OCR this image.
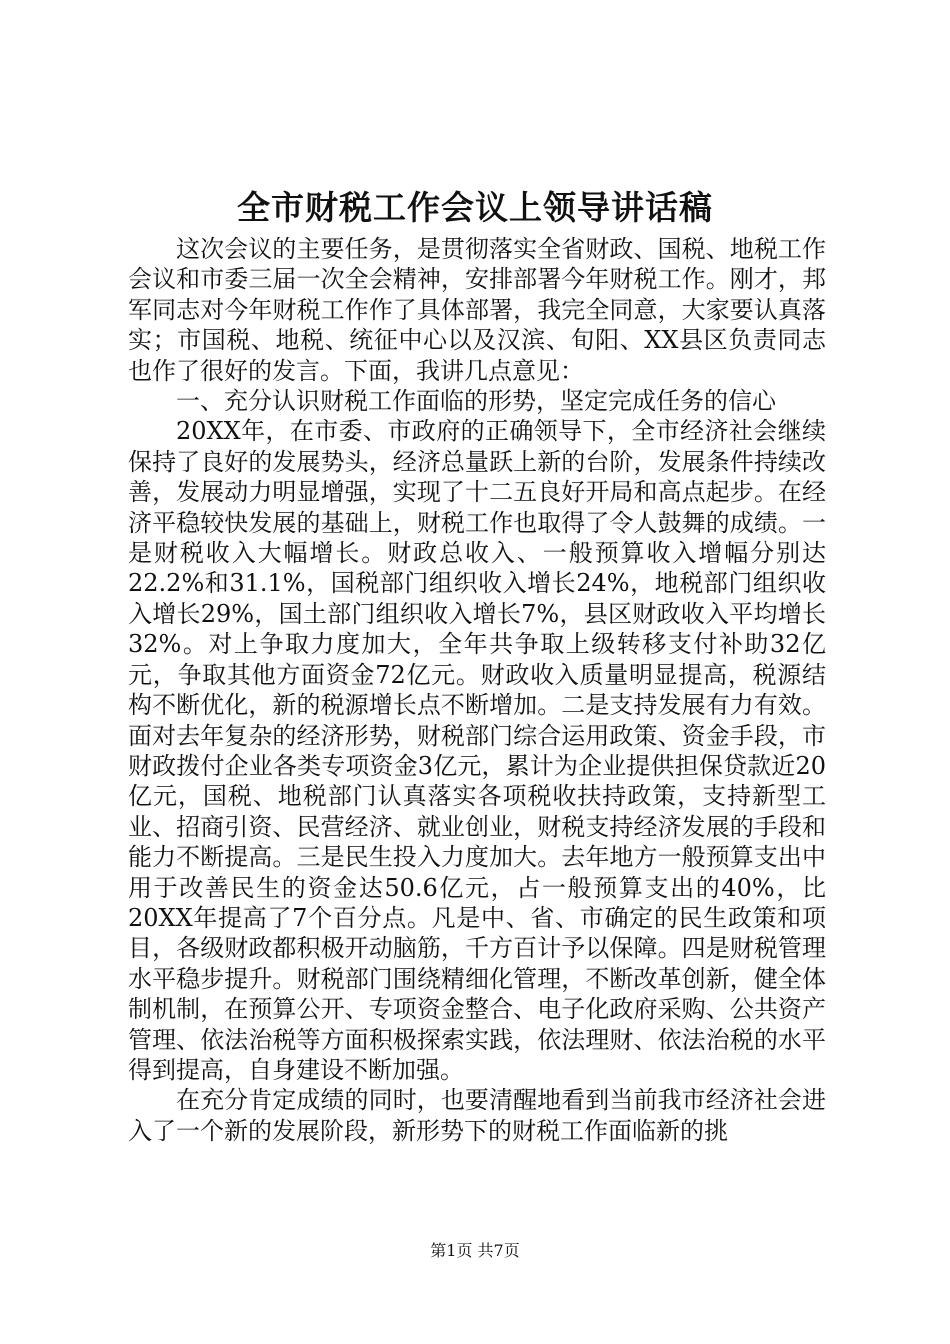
全市财税工作会议上领导讲话稿

这次会议的主要任务，是贯彻落实全省财政、国税、地税工作会议和市委三届一次全会精神，安排部署今年财税工作。刚才，邦军同志对今年财税工作作了具体部署，我完全同意，大家要认真落实；市国税、地税、统征中心以及汉滨、旬阳、XX县区负责同志也作了很好的发言。下面，我讲几点意见：

一、充分认识财税工作面临的形势，坚定完成任务的信心

20XX年，在市委、市政府的正确领导下，全市经济社会继续保持了良好的发展势头，经济总量跃上新的台阶，发展条件持续改善，发展动力明显增强，实现了十二五良好开局和高点起步。在经济平稳较快发展的基础上，财税工作也取得了令人鼓舞的成绩。一是财税收入大幅增长。财政总收入、一般预算收入增幅分别达22.2%和31.1%，国税部门组织收入增长24%，地税部门组织收入增长29%，国土部门组织收入增长7%，县区财政收入平均增长32%。对上争取力度加大，全年共争取上级转移支付补助32亿元，争取其他方面资金72亿元。财政收入质量明显提高，税源结构不断优化，新的税源增长点不断增加。二是支持发展有力有效。面对去年复杂的经济形势，财税部门综合运用政策、资金手段，市财政拨付企业各类专项资金3亿元，累计为企业提供担保贷款近20亿元，国税、地税部门认真落实各项税收扶持政策，支持新型工业、招商引资、民营经济、就业创业，财税支持经济发展的手段和能力不断提高。三是民生投入力度加大。去年地方一般预算支出中用于改善民生的资金达50.6亿元，占一般预算支出的40%，比20XX年提高了7个百分点。凡是中、省、市确定的民生政策和项目，各级财政都积极开动脑筋，千方百计予以保障。四是财税管理水平稳步提升。财税部门围绕精细化管理，不断改革创新，健全体制机制，在预算公开、专项资金整合、电子化政府采购、公共资产管理、依法治税等方面积极探索实践，依法理财、依法治税的水平得到提高，自身建设不断加强。

在充分肯定成绩的同时，也要清醒地看到当前我市经济社会进入了一个新的发展阶段，新形势下的财税工作面临新的挑

第1页 共7页
